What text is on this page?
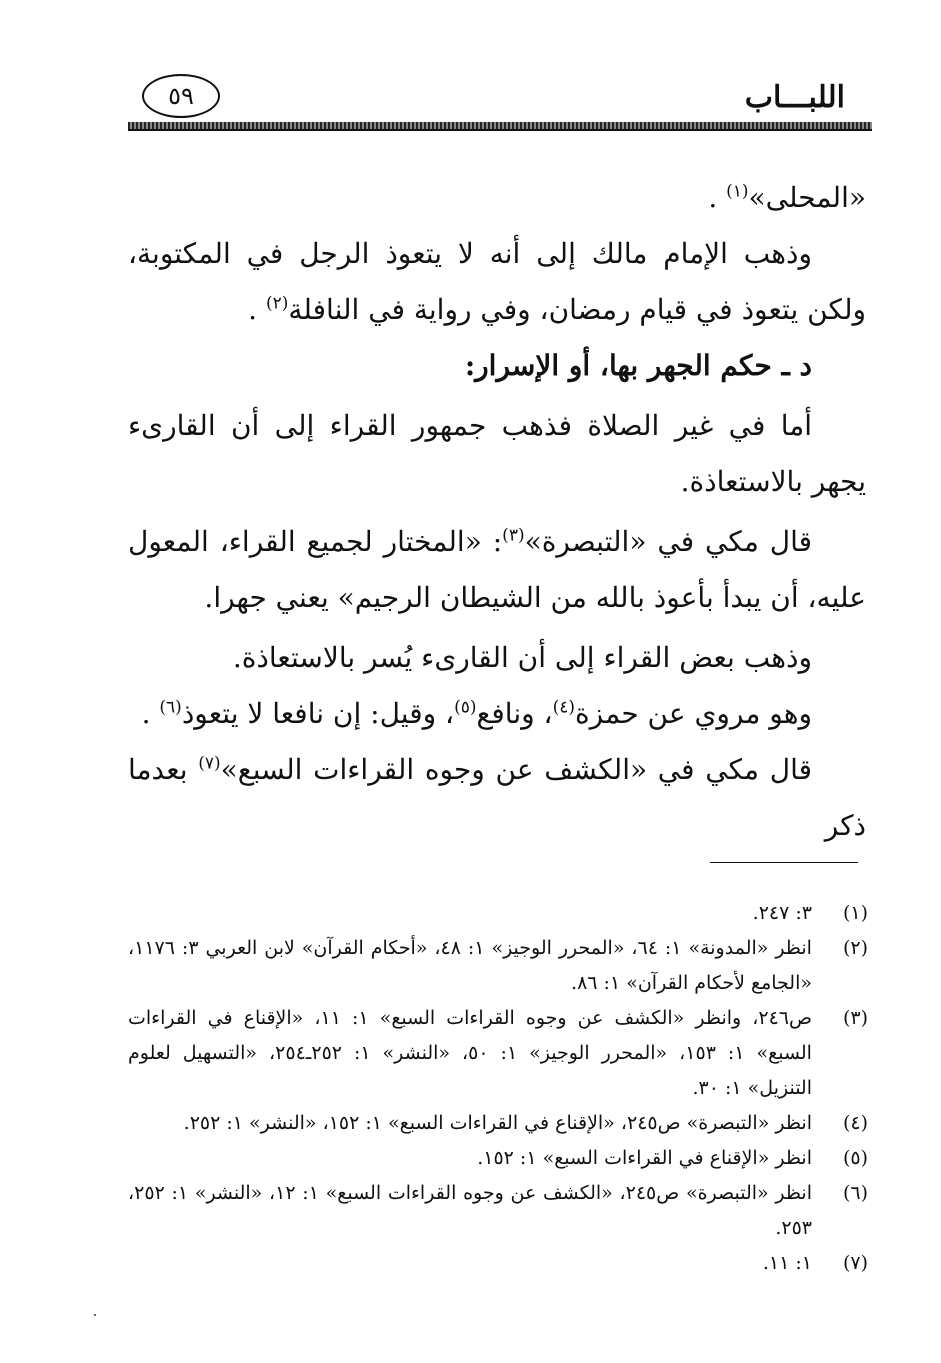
اللبـــاب
٥٩

«المحلى»$^{(١)}$ .

وذهب الإمام مالك إلى أنه لا يتعوذ الرجل في المكتوبة، ولكن يتعوذ في قيام رمضان، وفي رواية في النافلة$^{(٢)}$ .

د ـ حكم الجهر بها، أو الإسرار:

أما في غير الصلاة فذهب جمهور القراء إلى أن القارىء يجهر بالاستعاذة.

قال مكي في «التبصرة»$^{(٣)}$: «المختار لجميع القراء، المعول عليه، أن يبدأ بأعوذ بالله من الشيطان الرجيم» يعني جهرا.

وذهب بعض القراء إلى أن القارىء يُسر بالاستعاذة.

وهو مروي عن حمزة$^{(٤)}$، ونافع$^{(٥)}$، وقيل: إن نافعا لا يتعوذ$^{(٦)}$ .

قال مكي في «الكشف عن وجوه القراءات السبع»$^{(٧)}$ بعدما ذكر

(١)
٣: ٢٤٧.
(٢)
انظر «المدونة» ١: ٦٤، «المحرر الوجيز» ١: ٤٨، «أحكام القرآن» لابن العربي ٣: ١١٧٦، «الجامع لأحكام القرآن» ١: ٨٦.
(٣)
ص٢٤٦، وانظر «الكشف عن وجوه القراءات السبع» ١: ١١، «الإقناع في القراءات السبع» ١: ١٥٣، «المحرر الوجيز» ١: ٥٠، «النشر» ١: ٢٥٢ـ٢٥٤، «التسهيل لعلوم التنزيل» ١: ٣٠.
(٤)
انظر «التبصرة» ص٢٤٥، «الإقناع في القراءات السبع» ١: ١٥٢، «النشر» ١: ٢٥٢.
(٥)
انظر «الإقناع في القراءات السبع» ١: ١٥٢.
(٦)
انظر «التبصرة» ص٢٤٥، «الكشف عن وجوه القراءات السبع» ١: ١٢، «النشر» ١: ٢٥٢، ٢٥٣.
(٧)
١: ١١.
